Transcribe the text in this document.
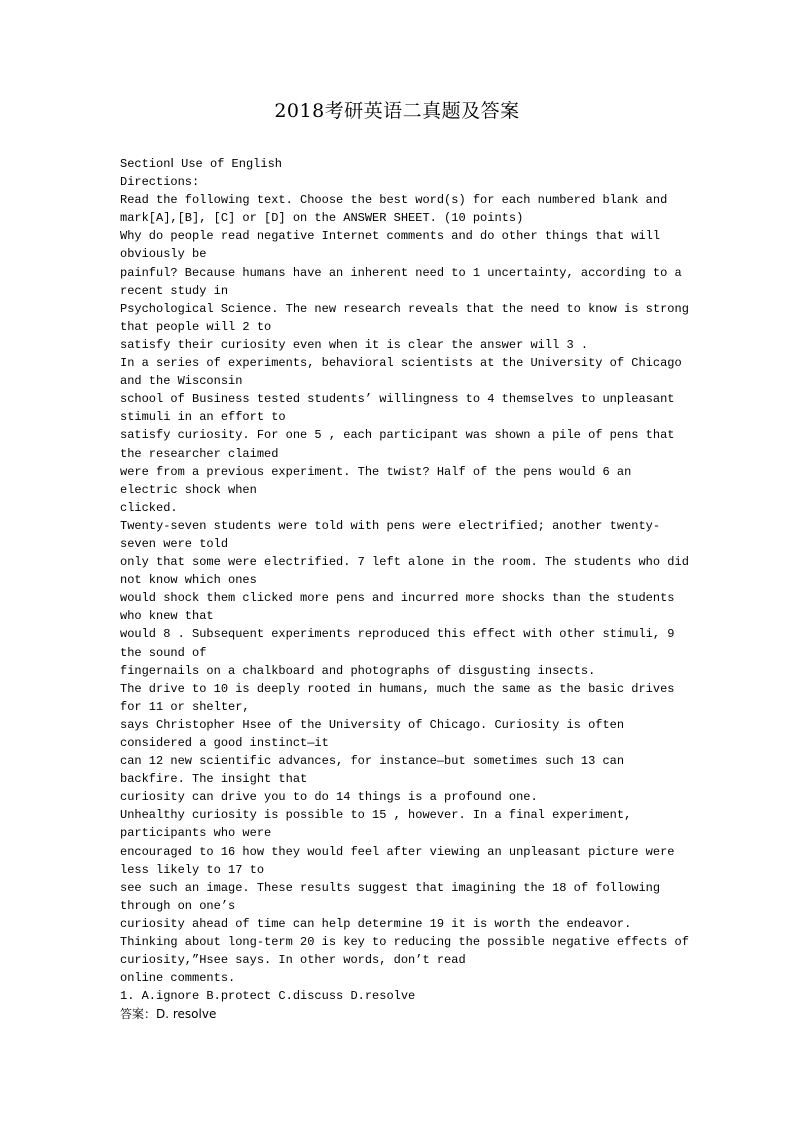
2018考研英语二真题及答案
SectionⅠ Use of English
Directions:
Read the following text. Choose the best word(s) for each numbered blank and
mark[A],[B], [C] or [D] on the ANSWER SHEET. (10 points)
Why do people read negative Internet comments and do other things that will
obviously be
painful? Because humans have an inherent need to 1 uncertainty, according to a
recent study in
Psychological Science. The new research reveals that the need to know is strong
that people will 2 to
satisfy their curiosity even when it is clear the answer will 3 .
In a series of experiments, behavioral scientists at the University of Chicago
and the Wisconsin
school of Business tested students’ willingness to 4 themselves to unpleasant
stimuli in an effort to
satisfy curiosity. For one 5 , each participant was shown a pile of pens that
the researcher claimed
were from a previous experiment. The twist? Half of the pens would 6 an
electric shock when
clicked.
Twenty-seven students were told with pens were electrified; another twenty-
seven were told
only that some were electrified. 7 left alone in the room. The students who did
not know which ones
would shock them clicked more pens and incurred more shocks than the students
who knew that
would 8 . Subsequent experiments reproduced this effect with other stimuli, 9
the sound of
fingernails on a chalkboard and photographs of disgusting insects.
The drive to 10 is deeply rooted in humans, much the same as the basic drives
for 11 or shelter,
says Christopher Hsee of the University of Chicago. Curiosity is often
considered a good instinct—it
can 12 new scientific advances, for instance—but sometimes such 13 can
backfire. The insight that
curiosity can drive you to do 14 things is a profound one.
Unhealthy curiosity is possible to 15 , however. In a final experiment,
participants who were
encouraged to 16 how they would feel after viewing an unpleasant picture were
less likely to 17 to
see such an image. These results suggest that imagining the 18 of following
through on one’s
curiosity ahead of time can help determine 19 it is worth the endeavor.
Thinking about long-term 20 is key to reducing the possible negative effects of
curiosity,”Hsee says. In other words, don’t read
online comments.
1. A.ignore B.protect C.discuss D.resolve
答案：D. resolve
